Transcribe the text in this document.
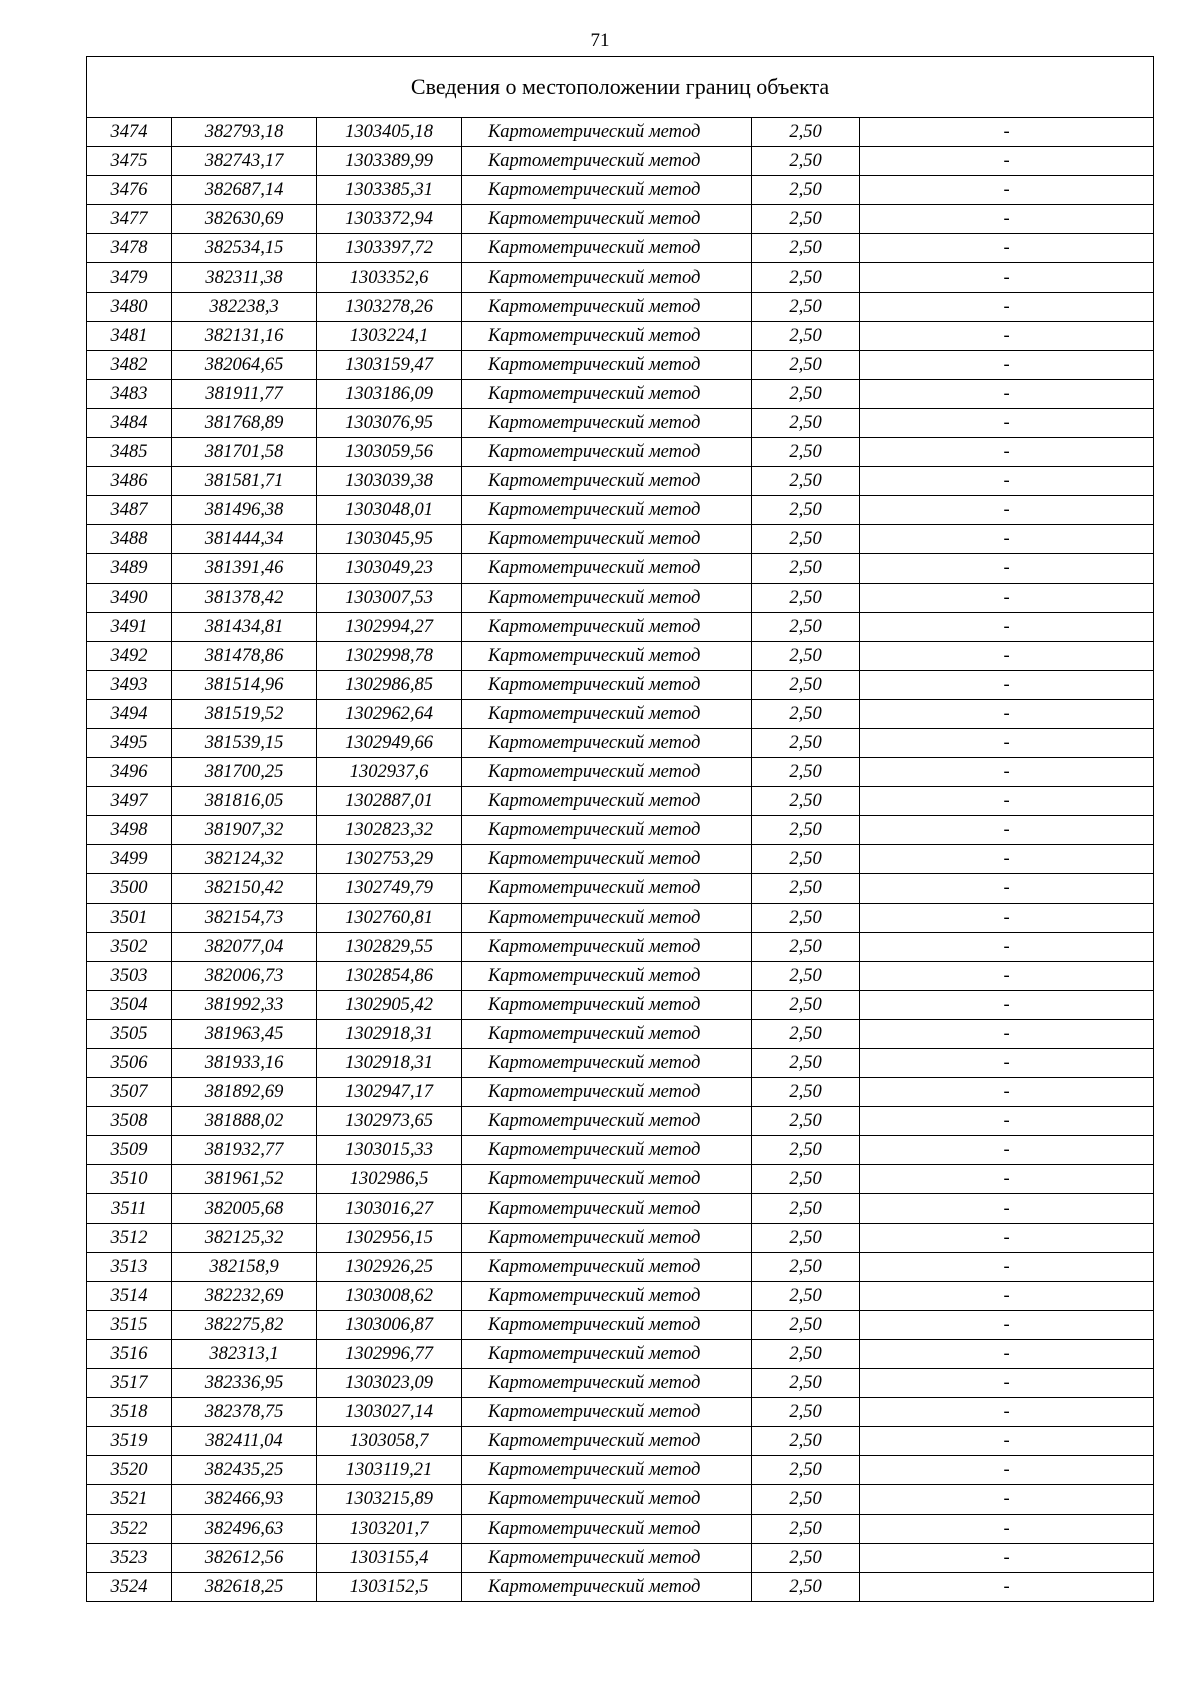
71
Сведения о местоположении границ объекта					
3474	382793,18	1303405,18	Картометрический метод	2,50	-
3475	382743,17	1303389,99	Картометрический метод	2,50	-
3476	382687,14	1303385,31	Картометрический метод	2,50	-
3477	382630,69	1303372,94	Картометрический метод	2,50	-
3478	382534,15	1303397,72	Картометрический метод	2,50	-
3479	382311,38	1303352,6	Картометрический метод	2,50	-
3480	382238,3	1303278,26	Картометрический метод	2,50	-
3481	382131,16	1303224,1	Картометрический метод	2,50	-
3482	382064,65	1303159,47	Картометрический метод	2,50	-
3483	381911,77	1303186,09	Картометрический метод	2,50	-
3484	381768,89	1303076,95	Картометрический метод	2,50	-
3485	381701,58	1303059,56	Картометрический метод	2,50	-
3486	381581,71	1303039,38	Картометрический метод	2,50	-
3487	381496,38	1303048,01	Картометрический метод	2,50	-
3488	381444,34	1303045,95	Картометрический метод	2,50	-
3489	381391,46	1303049,23	Картометрический метод	2,50	-
3490	381378,42	1303007,53	Картометрический метод	2,50	-
3491	381434,81	1302994,27	Картометрический метод	2,50	-
3492	381478,86	1302998,78	Картометрический метод	2,50	-
3493	381514,96	1302986,85	Картометрический метод	2,50	-
3494	381519,52	1302962,64	Картометрический метод	2,50	-
3495	381539,15	1302949,66	Картометрический метод	2,50	-
3496	381700,25	1302937,6	Картометрический метод	2,50	-
3497	381816,05	1302887,01	Картометрический метод	2,50	-
3498	381907,32	1302823,32	Картометрический метод	2,50	-
3499	382124,32	1302753,29	Картометрический метод	2,50	-
3500	382150,42	1302749,79	Картометрический метод	2,50	-
3501	382154,73	1302760,81	Картометрический метод	2,50	-
3502	382077,04	1302829,55	Картометрический метод	2,50	-
3503	382006,73	1302854,86	Картометрический метод	2,50	-
3504	381992,33	1302905,42	Картометрический метод	2,50	-
3505	381963,45	1302918,31	Картометрический метод	2,50	-
3506	381933,16	1302918,31	Картометрический метод	2,50	-
3507	381892,69	1302947,17	Картометрический метод	2,50	-
3508	381888,02	1302973,65	Картометрический метод	2,50	-
3509	381932,77	1303015,33	Картометрический метод	2,50	-
3510	381961,52	1302986,5	Картометрический метод	2,50	-
3511	382005,68	1303016,27	Картометрический метод	2,50	-
3512	382125,32	1302956,15	Картометрический метод	2,50	-
3513	382158,9	1302926,25	Картометрический метод	2,50	-
3514	382232,69	1303008,62	Картометрический метод	2,50	-
3515	382275,82	1303006,87	Картометрический метод	2,50	-
3516	382313,1	1302996,77	Картометрический метод	2,50	-
3517	382336,95	1303023,09	Картометрический метод	2,50	-
3518	382378,75	1303027,14	Картометрический метод	2,50	-
3519	382411,04	1303058,7	Картометрический метод	2,50	-
3520	382435,25	1303119,21	Картометрический метод	2,50	-
3521	382466,93	1303215,89	Картометрический метод	2,50	-
3522	382496,63	1303201,7	Картометрический метод	2,50	-
3523	382612,56	1303155,4	Картометрический метод	2,50	-
3524	382618,25	1303152,5	Картометрический метод	2,50	-
